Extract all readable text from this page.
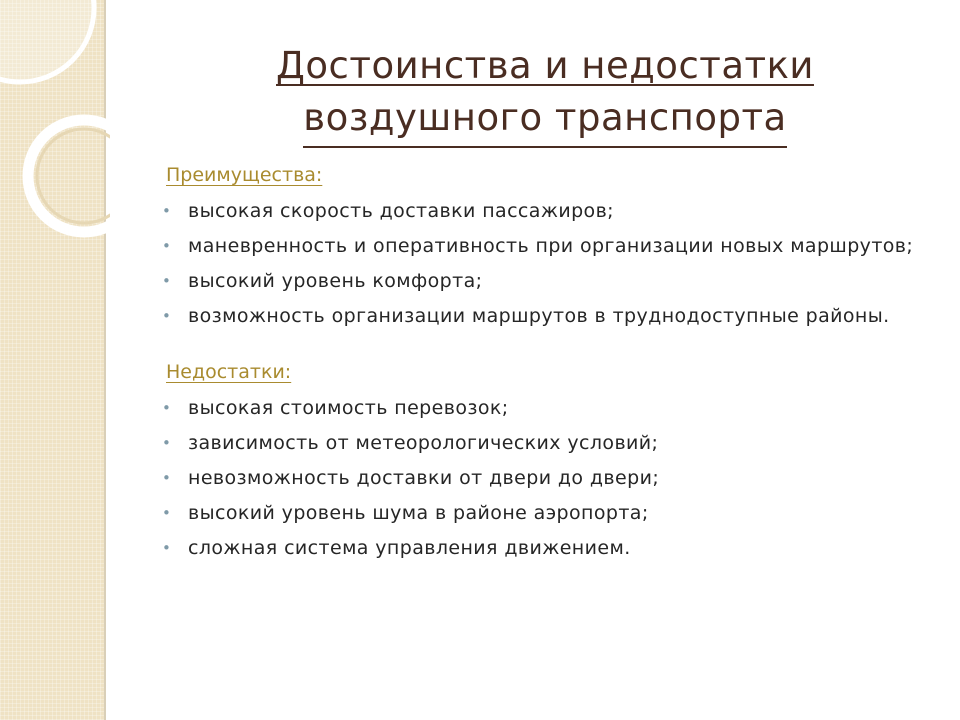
Достоинства и недостатки
воздушного транспорта
Преимущества:
• высокая скорость доставки пассажиров;
• маневренность и оперативность при организации новых маршрутов;
• высокий уровень комфорта;
• возможность организации маршрутов в труднодоступные районы.
Недостатки:
• высокая стоимость перевозок;
• зависимость от метеорологических условий;
• невозможность доставки от двери до двери;
• высокий уровень шума в районе аэропорта;
• сложная система управления движением.
